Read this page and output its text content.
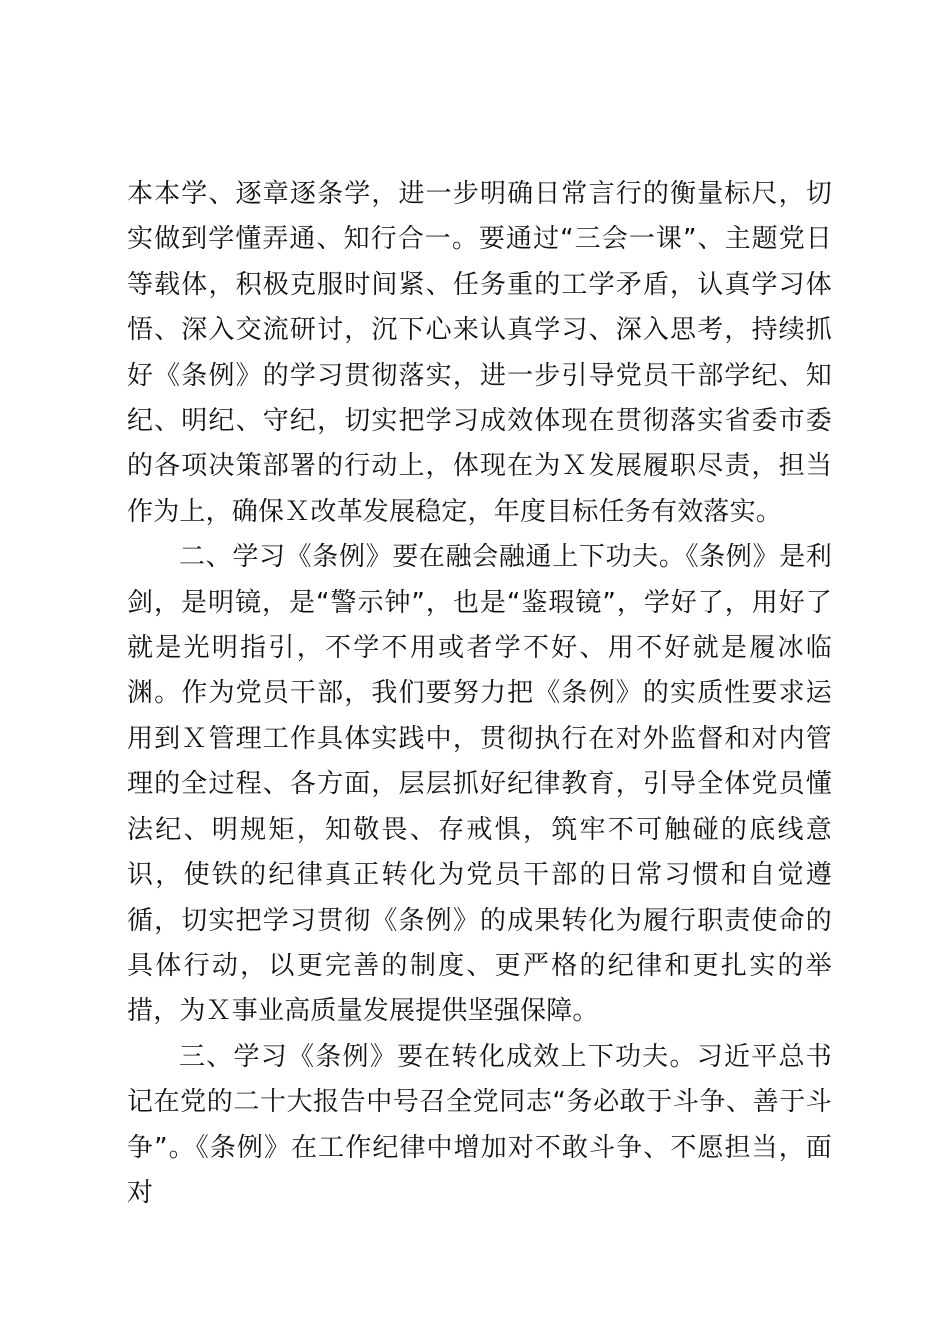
本本学、逐章逐条学，进一步明确日常言行的衡量标尺，切实做到学懂弄通、知行合一。要通过“三会一课”、主题党日等载体，积极克服时间紧、任务重的工学矛盾，认真学习体悟、深入交流研讨，沉下心来认真学习、深入思考，持续抓好《条例》的学习贯彻落实，进一步引导党员干部学纪、知纪、明纪、守纪，切实把学习成效体现在贯彻落实省委市委的各项决策部署的行动上，体现在为Ｘ发展履职尽责，担当作为上，确保Ｘ改革发展稳定，年度目标任务有效落实。

二、学习《条例》要在融会融通上下功夫。《条例》是利剑，是明镜，是“警示钟”，也是“鉴瑕镜”，学好了，用好了就是光明指引，不学不用或者学不好、用不好就是履冰临渊。作为党员干部，我们要努力把《条例》的实质性要求运用到Ｘ管理工作具体实践中，贯彻执行在对外监督和对内管理的全过程、各方面，层层抓好纪律教育，引导全体党员懂法纪、明规矩，知敬畏、存戒惧，筑牢不可触碰的底线意识，使铁的纪律真正转化为党员干部的日常习惯和自觉遵循，切实把学习贯彻《条例》的成果转化为履行职责使命的具体行动，以更完善的制度、更严格的纪律和更扎实的举措，为Ｘ事业高质量发展提供坚强保障。

三、学习《条例》要在转化成效上下功夫。习近平总书记在党的二十大报告中号召全党同志“务必敢于斗争、善于斗争”。《条例》在工作纪律中增加对不敢斗争、不愿担当，面对
